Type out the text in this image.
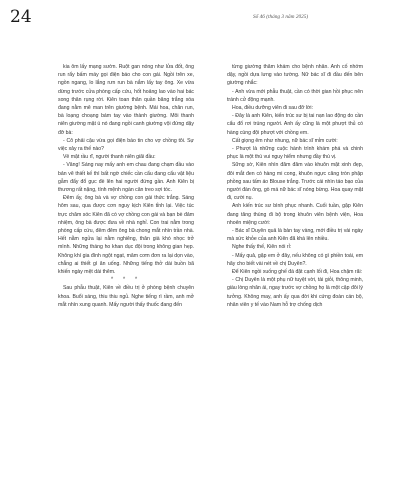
24	Số 46 (tháng 3 năm 2025)

kia ôm lấy mạng sườn. Ruột gan nóng như lửa đốt, ông run rẩy bấm máy gọi điện báo cho con gái. Ngồi trên xe, ngồn ngang, lo lắng rưn run bà nắm lấy tay ông. Xe vừa dừng trước cửa phòng cấp cứu, hốt hoảng lao vào hai bác song thân rụng rời. Kiên toan thân quần băng trắng xóa đang nằm mê man trên giường bệnh. Mái hoa, chân run, bà loạng choạng bám tay vào thành giường. Môi thanh niên giường mặt ú nó đang ngồi canh giường vội đứng dậy đỡ bà:

- Cô phải cậu vừa gọi điện báo tin cho vợ chồng tôi. Sự việc xảy ra thế nào?

Vẻ mặt rầu rĩ, người thanh niên giãi đầu:

- Vâng! Sáng nay mấy anh em chau đang chạm đầu vào bản vẽ thiết kế thì bất ngờ chiếc cần cẩu đang cẩu vật liệu gẫm đẩy đổ gục đè lên hai người đứng gần. Anh Kiên bị thương rất nặng, tính mệnh ngàn cân treo sợi tóc.

Đêm ấy, ông bà và vợ chồng con gái thức trắng. Sáng hôm sau, qua được cơn nguy kịch Kiên tỉnh lại. Việc túc trực chăm sóc Kiên đã có vợ chồng con gái và bạn bè đảm nhiệm, ông bà được đưa về nhà nghỉ. Con trai nằm trong phòng cấp cứu, đêm đêm ông bà chong mắt nhìn trần nhà. Hết nằm ngửa lại nằm nghiêng, thân già khó nhọc trở mình. Những tháng ho khan dục đội trong không gian hẹp. Không khí gia đình ngột ngạt, mâm cơm đơn ra lại dọn vào, chẳng ai thiết gì ăn uống. Những tiếng thở dài buồn bã khiến ngày mệt dài thêm.

* * *

Sau phẫu thuật, Kiên về điều trị ở phòng bệnh chuyên khoa. Buổi sáng, thiu thiu ngủ. Nghe tiếng rì rầm, anh mở mắt nhìn xung quanh. Mấy người thấy thuốc đang đến

từng giường thăm khám cho bệnh nhân. Anh cố nhớm dậy, ngồi dựa lưng vào tường. Nữ bác sĩ đi đầu đến bên giường nhắc:

- Anh vừa mới phẫu thuật, cần có thời gian hồi phục nên tránh cử động mạnh.

Hoa, điều dưỡng viên đi sau đỡ lời:

- Đây là anh Kiên, kiến trúc sư bị tai nạn lao động do cần cẩu đổ rơi trúng người. Anh ấy cũng là một phượt thủ có hàng cùng đội phượt với chồng em.

Cất giọng êm như nhung, nữ bác sĩ mỉm cười:

- Phượt là những cuộc hành trình khám phá và chinh phục là một thú vui nguy hiểm nhưng đầy thú vị.

Sững sờ, Kiên nhìn đăm đăm vào khuôn mặt xinh đẹp, đôi mắt đen có hàng mi cong, khuôn ngực căng tròn phập phồng sau tấm áo Blouse trắng. Trước cái nhìn táo bạo của người đàn ông, gò má nữ bác sĩ nóng bừng. Hoa quay mặt đi, cười nụ.

Anh kiến trúc sư bình phục nhanh. Cuối tuần, gặp Kiên đang tăng thùng đi bộ trong khuôn viên bệnh viện, Hoa nhoẻn miệng cười:

- Bác sĩ Duyên quả là bàn tay vàng, mới điều trị vài ngày mà sức khỏe của anh Kiên đã khá lên nhiều.

Nghe thấy thế, Kiên nói rỉ:

- Mấy quả, gặp em ở đây, nếu không có gì phiền toái, em hãy cho biết vài nét về chị Duyên?.

Để Kiên ngồi xuống ghế đá đặt cạnh lối đi, Hoa chậm rãi:

- Chị Duyên là một phụ nữ tuyệt vời, tài giỏi, thông minh, giàu lòng nhân ái, ngay trước vợ chồng họ là một cặp đôi lý tưởng. Không may, anh ấy qua đời khi cứng đoàn cán bộ, nhân viên y tế vào Nam hỗ trợ chống dịch
